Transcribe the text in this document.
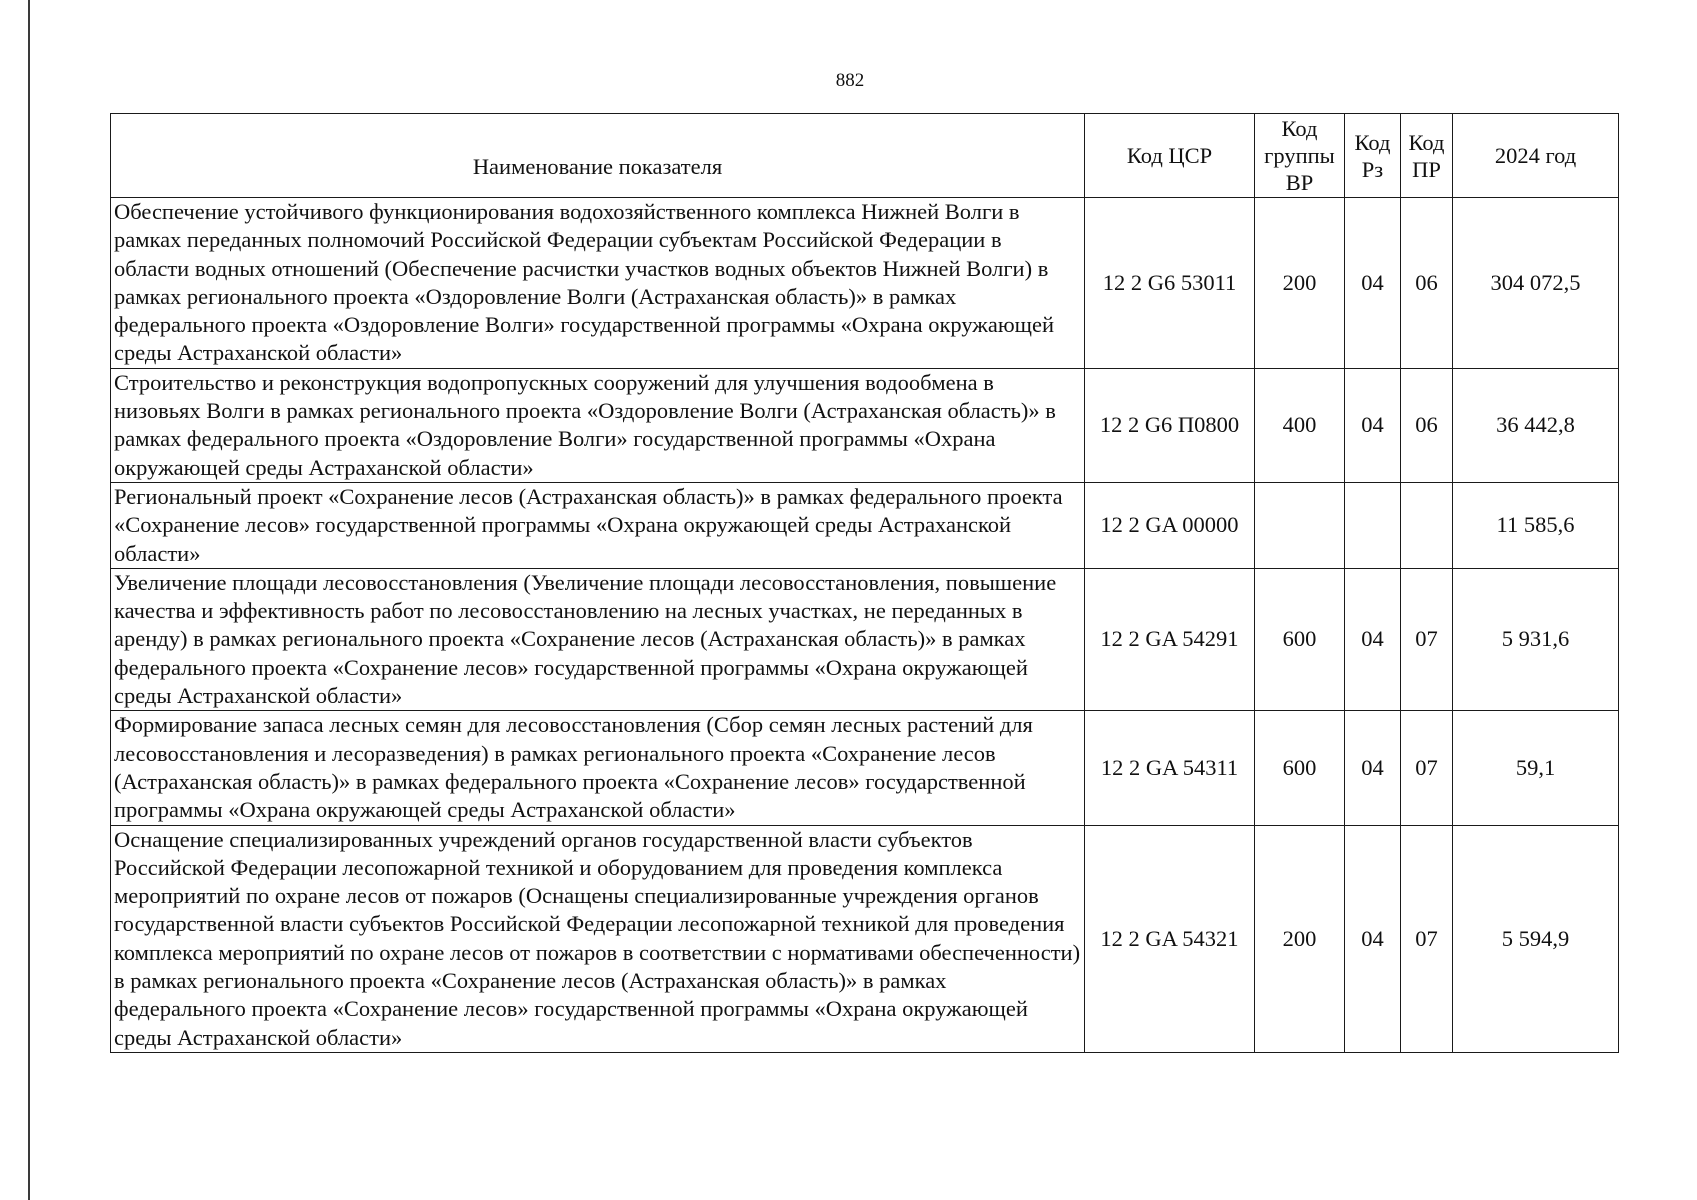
882
Наименование показателя	Код ЦСР	Код группы ВР	Код Рз	Код ПР	2024 год
Обеспечение устойчивого функционирования водохозяйственного комплекса Нижней Волги в рамках переданных полномочий Российской Федерации субъектам Российской Федерации в области водных отношений (Обеспечение расчистки участков водных объектов Нижней Волги) в рамках регионального проекта «Оздоровление Волги (Астраханская область)» в рамках федерального проекта «Оздоровление Волги» государственной программы «Охрана окружающей среды Астраханской области»	12 2 G6 53011	200	04	06	304 072,5
Строительство и реконструкция водопропускных сооружений для улучшения водообмена в низовьях Волги в рамках регионального проекта «Оздоровление Волги (Астраханская область)» в рамках федерального проекта «Оздоровление Волги» государственной программы «Охрана окружающей среды Астраханской области»	12 2 G6 П0800	400	04	06	36 442,8
Региональный проект «Сохранение лесов (Астраханская область)» в рамках федерального проекта «Сохранение лесов» государственной программы «Охрана окружающей среды Астраханской области»	12 2 GA 00000				11 585,6
Увеличение площади лесовосстановления (Увеличение площади лесовосстановления, повышение качества и эффективность работ по лесовосстановлению на лесных участках, не переданных в аренду) в рамках регионального проекта «Сохранение лесов (Астраханская область)» в рамках федерального проекта «Сохранение лесов» государственной программы «Охрана окружающей среды Астраханской области»	12 2 GA 54291	600	04	07	5 931,6
Формирование запаса лесных семян для лесовосстановления (Сбор семян лесных растений для лесовосстановления и лесоразведения) в рамках регионального проекта «Сохранение лесов (Астраханская область)» в рамках федерального проекта «Сохранение лесов» государственной программы «Охрана окружающей среды Астраханской области»	12 2 GA 54311	600	04	07	59,1
Оснащение специализированных учреждений органов государственной власти субъектов Российской Федерации лесопожарной техникой и оборудованием для проведения комплекса мероприятий по охране лесов от пожаров (Оснащены специализированные учреждения органов государственной власти субъектов Российской Федерации лесопожарной техникой для проведения комплекса мероприятий по охране лесов от пожаров в соответствии с нормативами обеспеченности) в рамках регионального проекта «Сохранение лесов (Астраханская область)» в рамках федерального проекта «Сохранение лесов» государственной программы «Охрана окружающей среды Астраханской области»	12 2 GA 54321	200	04	07	5 594,9
